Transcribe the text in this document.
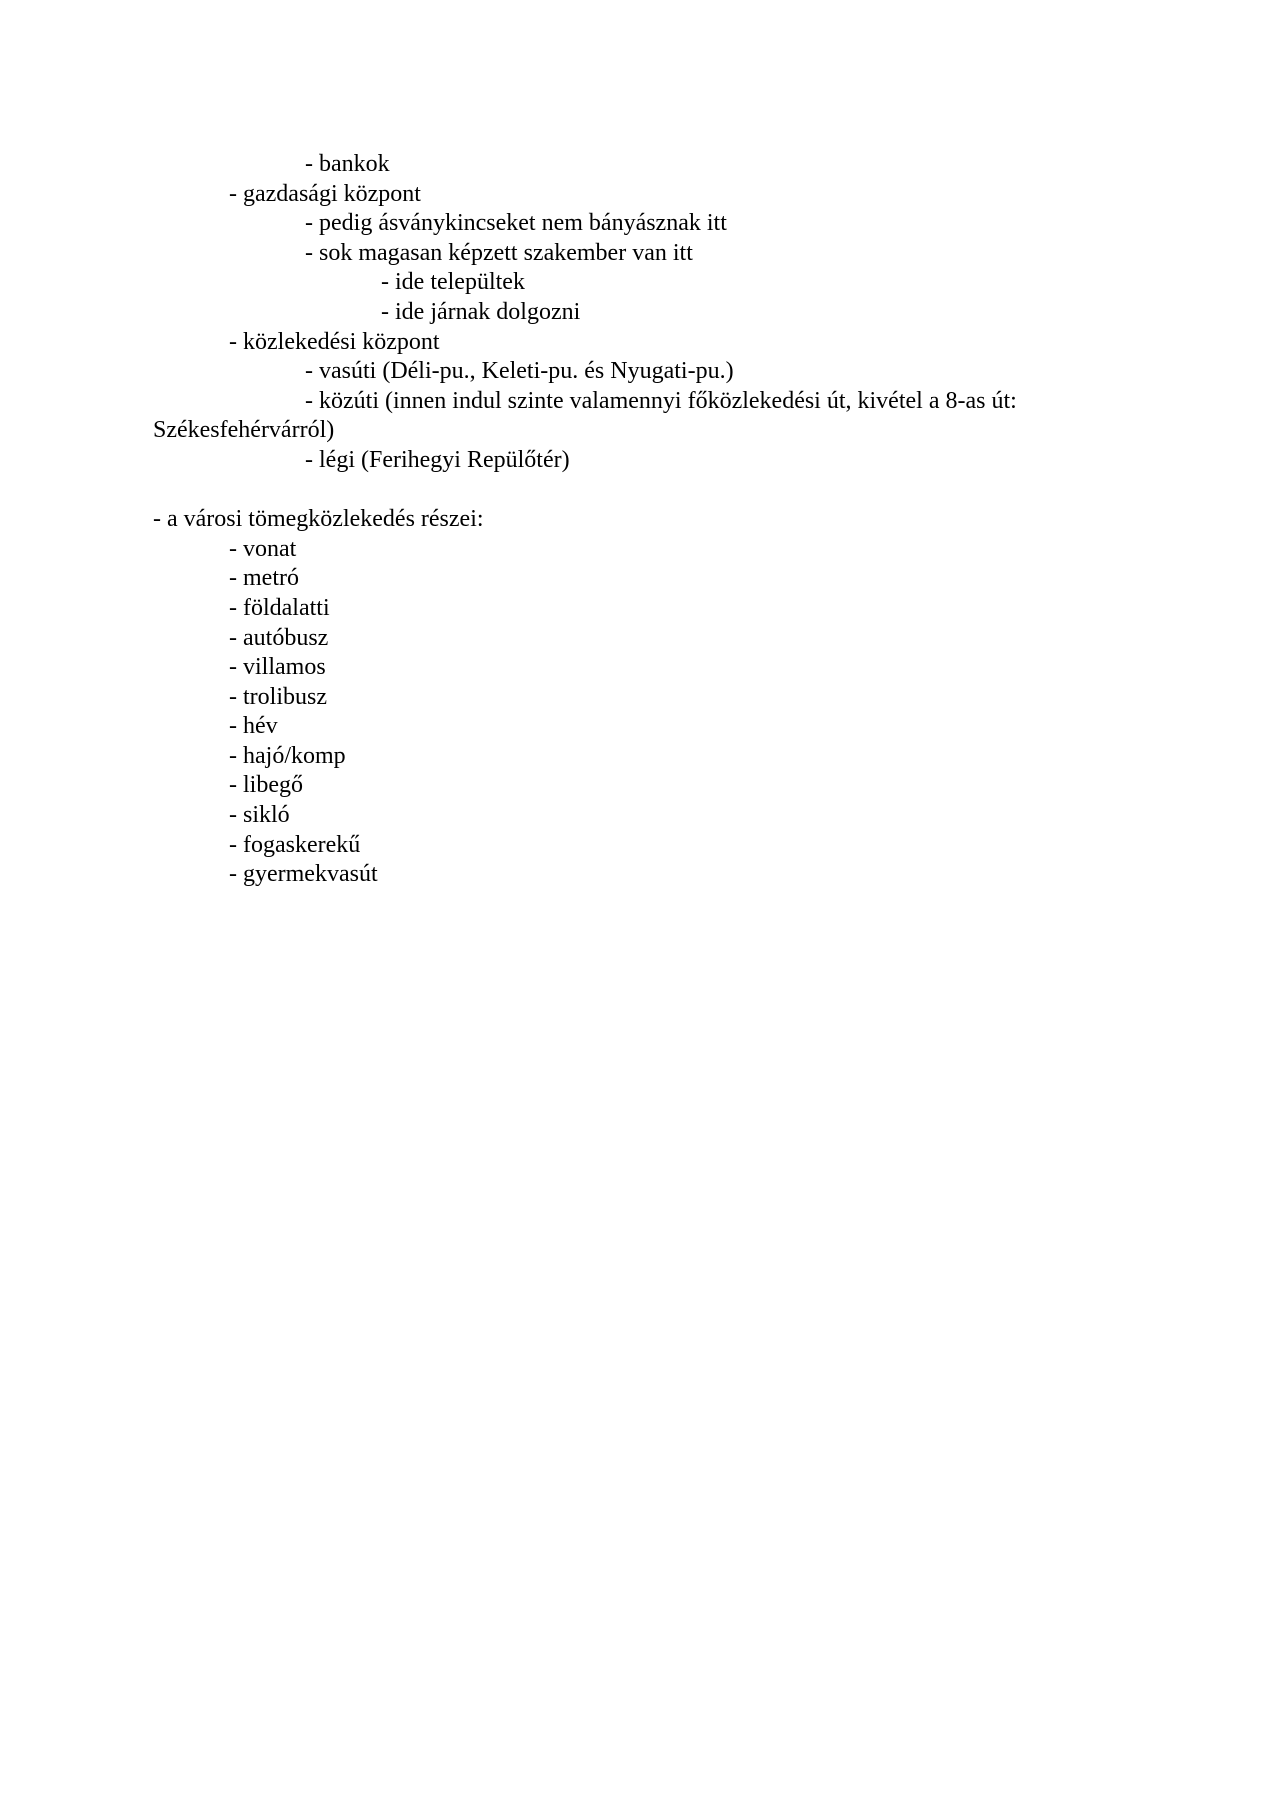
- bankok
- gazdasági központ
- pedig ásványkincseket nem bányásznak itt
- sok magasan képzett szakember van itt
- ide települtek
- ide járnak dolgozni
- közlekedési központ
- vasúti (Déli-pu., Keleti-pu. és Nyugati-pu.)
- közúti (innen indul szinte valamennyi főközlekedési út, kivétel a 8-as út:
Székesfehérvárról)
- légi (Ferihegyi Repülőtér)
- a városi tömegközlekedés részei:
- vonat
- metró
- földalatti
- autóbusz
- villamos
- trolibusz
- hév
- hajó/komp
- libegő
- sikló
- fogaskerekű
- gyermekvasút
